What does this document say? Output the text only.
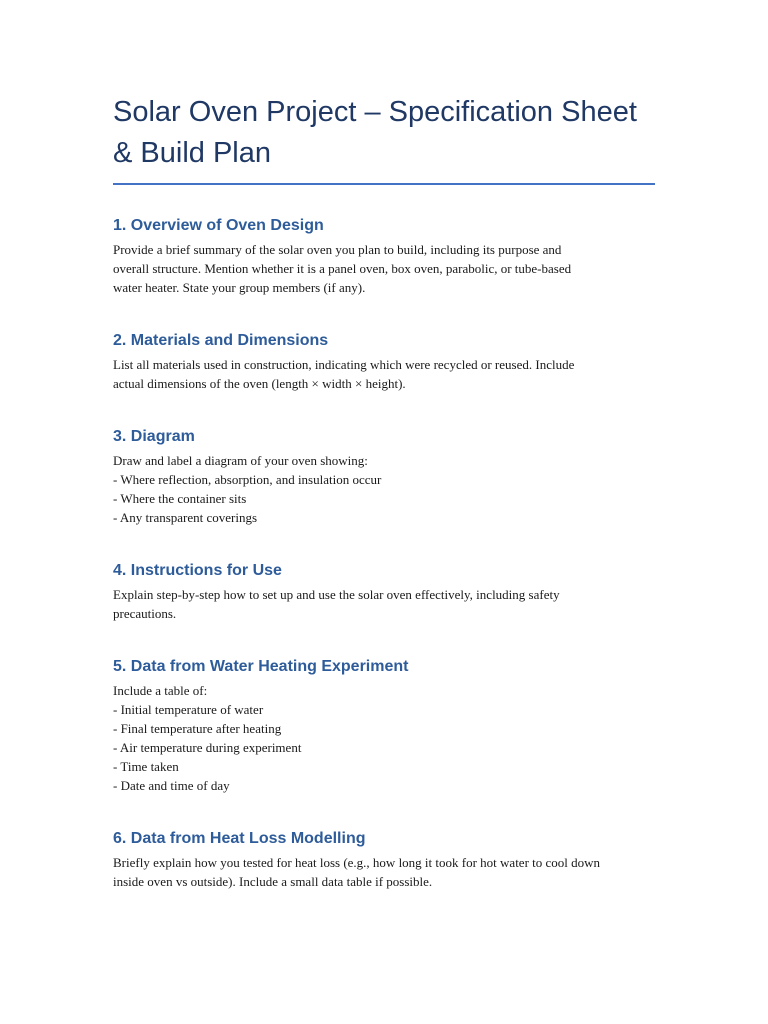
Solar Oven Project – Specification Sheet & Build Plan
1. Overview of Oven Design

Provide a brief summary of the solar oven you plan to build, including its purpose and
overall structure. Mention whether it is a panel oven, box oven, parabolic, or tube-based
water heater. State your group members (if any).

2. Materials and Dimensions

List all materials used in construction, indicating which were recycled or reused. Include
actual dimensions of the oven (length × width × height).

3. Diagram

Draw and label a diagram of your oven showing:
- Where reflection, absorption, and insulation occur
- Where the container sits
- Any transparent coverings

4. Instructions for Use

Explain step-by-step how to set up and use the solar oven effectively, including safety
precautions.

5. Data from Water Heating Experiment

Include a table of:
- Initial temperature of water
- Final temperature after heating
- Air temperature during experiment
- Time taken
- Date and time of day

6. Data from Heat Loss Modelling

Briefly explain how you tested for heat loss (e.g., how long it took for hot water to cool down
inside oven vs outside). Include a small data table if possible.
